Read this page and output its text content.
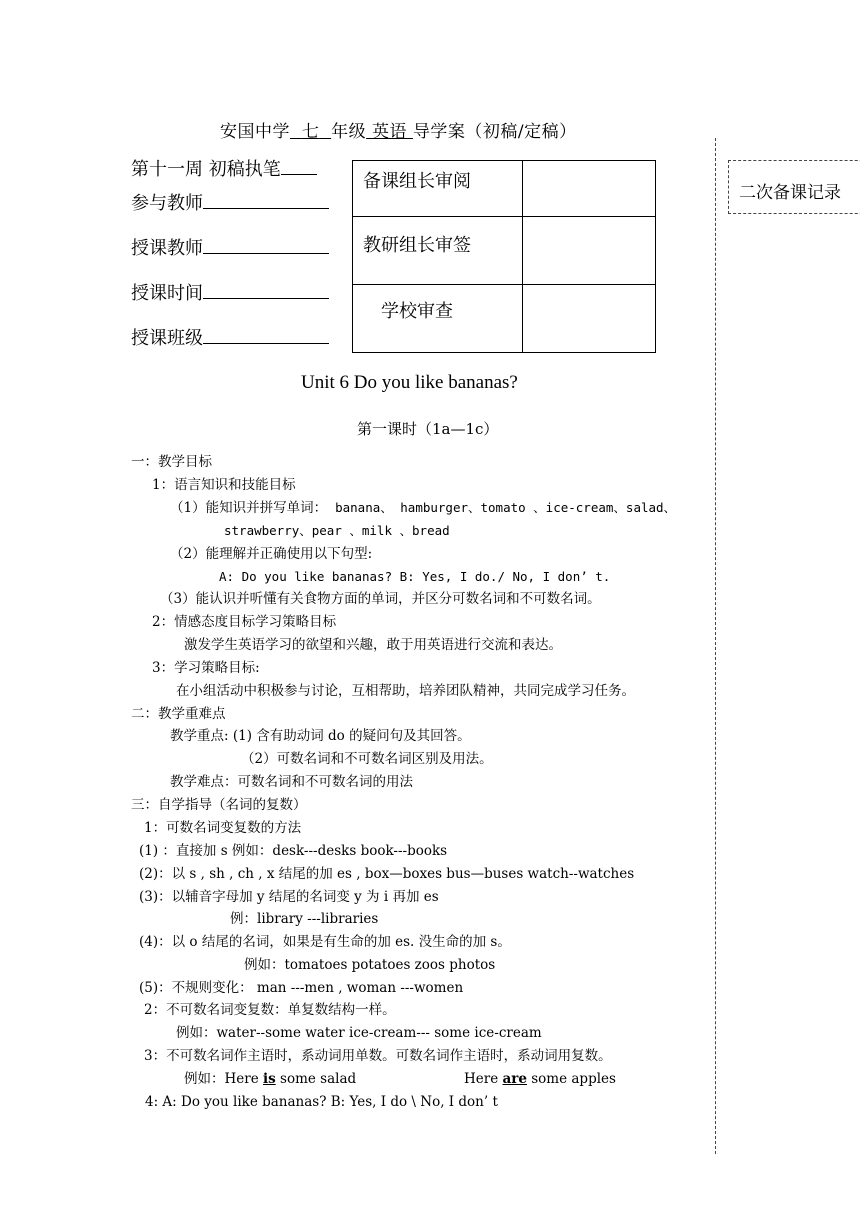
安国中学 七 年级 英语 导学案（初稿/定稿）
第十一周 初稿执笔
参与教师
授课教师
授课时间
授课班级
备课组长审阅	
教研组长审签	
学校审查	
二次备课记录
Unit 6 Do you like bananas?
第一课时（1a—1c）
一：教学目标
1：语言知识和技能目标
（1）能知识并拼写单词： banana、 hamburger、tomato 、ice-cream、salad、
strawberry、pear 、milk 、bread
（2）能理解并正确使用以下句型:
A: Do you like bananas? B: Yes, I do./ No, I don’ t.
（3）能认识并听懂有关食物方面的单词，并区分可数名词和不可数名词。
2：情感态度目标学习策略目标
激发学生英语学习的欲望和兴趣，敢于用英语进行交流和表达。
3：学习策略目标:
在小组活动中积极参与讨论，互相帮助，培养团队精神，共同完成学习任务。
二：教学重难点
教学重点: (1) 含有助动词 do 的疑问句及其回答。
（2）可数名词和不可数名词区别及用法。
教学难点：可数名词和不可数名词的用法
三：自学指导（名词的复数）
1：可数名词变复数的方法
(1) ：直接加 s 例如：desk---desks book---books
(2)：以 s , sh , ch , x 结尾的加 es , box—boxes bus—buses watch--watches
(3)：以辅音字母加 y 结尾的名词变 y 为 i 再加 es
例：library ---libraries
(4)：以 o 结尾的名词，如果是有生命的加 es. 没生命的加 s。
例如：tomatoes potatoes zoos photos
(5)：不规则变化： man ---men , woman ---women
2：不可数名词变复数：单复数结构一样。
例如：water--some water ice-cream--- some ice-cream
3：不可数名词作主语时，系动词用单数。可数名词作主语时，系动词用复数。
例如：Here is some salad	Here are some apples
4: A: Do you like bananas? B: Yes, I do \ No, I don’ t
